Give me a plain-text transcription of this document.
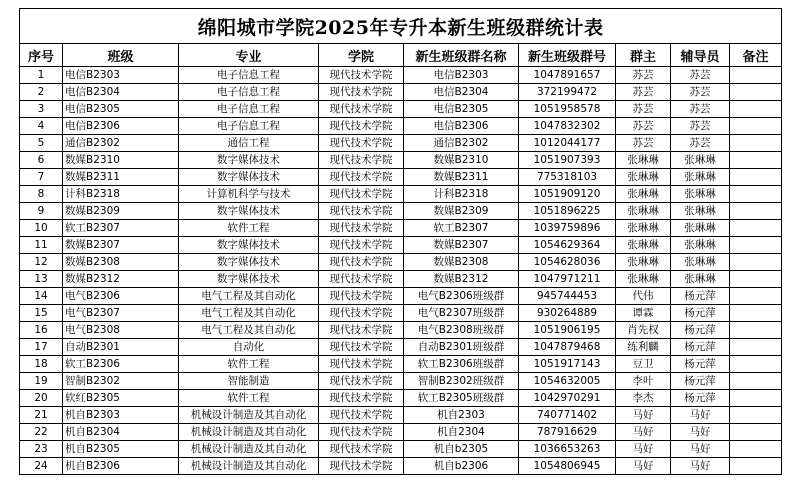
绵阳城市学院2025年专升本新生班级群统计表								
序号	班级	专业	学院	新生班级群名称	新生班级群号	群主	辅导员	备注
1	电信B2303	电子信息工程	现代技术学院	电信B2303	1047891657	苏芸	苏芸	
2	电信B2304	电子信息工程	现代技术学院	电信B2304	372199472	苏芸	苏芸	
3	电信B2305	电子信息工程	现代技术学院	电信B2305	1051958578	苏芸	苏芸	
4	电信B2306	电子信息工程	现代技术学院	电信B2306	1047832302	苏芸	苏芸	
5	通信B2302	通信工程	现代技术学院	通信B2302	1012044177	苏芸	苏芸	
6	数媒B2310	数字媒体技术	现代技术学院	数媒B2310	1051907393	张琳琳	张琳琳	
7	数媒B2311	数字媒体技术	现代技术学院	数媒B2311	775318103	张琳琳	张琳琳	
8	计科B2318	计算机科学与技术	现代技术学院	计科B2318	1051909120	张琳琳	张琳琳	
9	数媒B2309	数字媒体技术	现代技术学院	数媒B2309	1051896225	张琳琳	张琳琳	
10	软工B2307	软件工程	现代技术学院	软工B2307	1039759896	张琳琳	张琳琳	
11	数媒B2307	数字媒体技术	现代技术学院	数媒B2307	1054629364	张琳琳	张琳琳	
12	数媒B2308	数字媒体技术	现代技术学院	数媒B2308	1054628036	张琳琳	张琳琳	
13	数媒B2312	数字媒体技术	现代技术学院	数媒B2312	1047971211	张琳琳	张琳琳	
14	电气B2306	电气工程及其自动化	现代技术学院	电气B2306班级群	945744453	代伟	杨元萍	
15	电气B2307	电气工程及其自动化	现代技术学院	电气B2307班级群	930264889	谭霖	杨元萍	
16	电气B2308	电气工程及其自动化	现代技术学院	电气B2308班级群	1051906195	肖先权	杨元萍	
17	自动B2301	自动化	现代技术学院	自动B2301班级群	1047879468	练利麟	杨元萍	
18	软工B2306	软件工程	现代技术学院	软工B2306班级群	1051917143	豆卫	杨元萍	
19	智制B2302	智能制造	现代技术学院	智制B2302班级群	1054632005	李叶	杨元萍	
20	软红B2305	软件工程	现代技术学院	软工B2305班级群	1042970291	李杰	杨元萍	
21	机自B2303	机械设计制造及其自动化	现代技术学院	机自2303	740771402	马好	马好	
22	机自B2304	机械设计制造及其自动化	现代技术学院	机自2304	787916629	马好	马好	
23	机自B2305	机械设计制造及其自动化	现代技术学院	机自b2305	1036653263	马好	马好	
24	机自B2306	机械设计制造及其自动化	现代技术学院	机自b2306	1054806945	马好	马好	
